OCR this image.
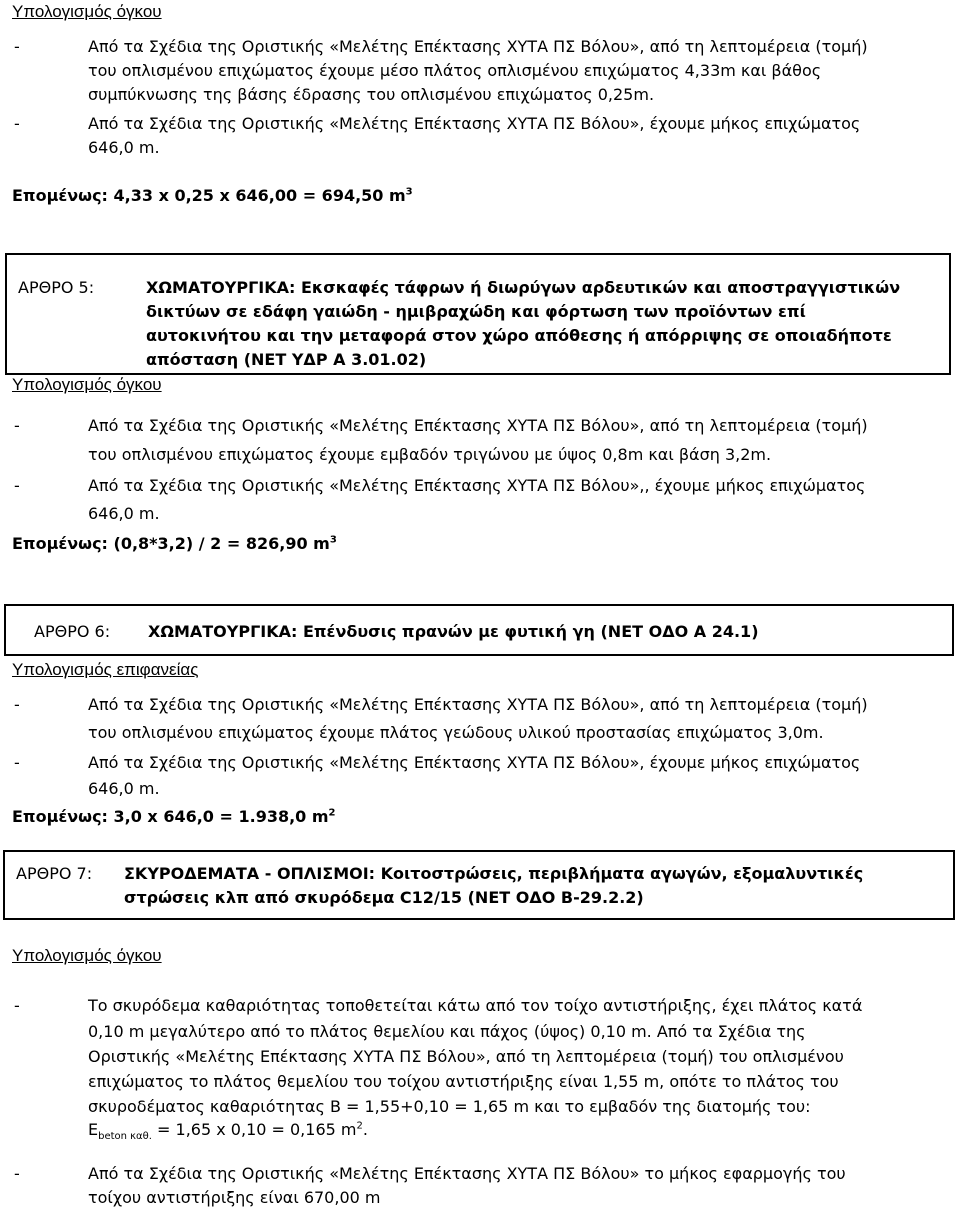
Υπολογισμός όγκου
-	Από τα Σχέδια της Οριστικής «Μελέτης Επέκτασης ΧΥΤΑ ΠΣ Βόλου», από τη λεπτομέρεια (τομή)
του οπλισμένου επιχώματος έχουμε μέσο πλάτος οπλισμένου επιχώματος 4,33m και βάθος
συμπύκνωσης της βάσης έδρασης του οπλισμένου επιχώματος 0,25m.
-	Από τα Σχέδια της Οριστικής «Μελέτης Επέκτασης ΧΥΤΑ ΠΣ Βόλου», έχουμε μήκος επιχώματος
646,0 m.
Επομένως: 4,33 x 0,25 x 646,00 = 694,50 $m^3$
ΑΡΘΡΟ 5:	ΧΩΜΑΤΟΥΡΓΙΚΑ: Εκσκαφές τάφρων ή διωρύγων αρδευτικών και αποστραγγιστικών
δικτύων σε εδάφη γαιώδη - ημιβραχώδη και φόρτωση των προϊόντων επί
αυτοκινήτου και την μεταφορά στον χώρο απόθεσης ή απόρριψης σε οποιαδήποτε
απόσταση (ΝΕΤ ΥΔΡ Α 3.01.02)
Υπολογισμός όγκου
-	Από τα Σχέδια της Οριστικής «Μελέτης Επέκτασης ΧΥΤΑ ΠΣ Βόλου», από τη λεπτομέρεια (τομή)
του οπλισμένου επιχώματος έχουμε εμβαδόν τριγώνου με ύψος 0,8m και βάση 3,2m.
-	Από τα Σχέδια της Οριστικής «Μελέτης Επέκτασης ΧΥΤΑ ΠΣ Βόλου»,, έχουμε μήκος επιχώματος
646,0 m.
Επομένως: (0,8*3,2) / 2 = 826,90 $m^3$
ΑΡΘΡΟ 6: ΧΩΜΑΤΟΥΡΓΙΚΑ: Επένδυσις πρανών με φυτική γη (ΝΕΤ ΟΔΟ Α 24.1)
Υπολογισμός επιφανείας
-	Από τα Σχέδια της Οριστικής «Μελέτης Επέκτασης ΧΥΤΑ ΠΣ Βόλου», από τη λεπτομέρεια (τομή)
του οπλισμένου επιχώματος έχουμε πλάτος γεώδους υλικού προστασίας επιχώματος 3,0m.
-	Από τα Σχέδια της Οριστικής «Μελέτης Επέκτασης ΧΥΤΑ ΠΣ Βόλου», έχουμε μήκος επιχώματος
646,0 m.
Επομένως: 3,0 x 646,0 = 1.938,0 $m^2$
ΑΡΘΡΟ 7: ΣΚΥΡΟΔΕΜΑΤΑ - ΟΠΛΙΣΜΟΙ: Κοιτοστρώσεις, περιβλήματα αγωγών, εξομαλυντικές
στρώσεις κλπ από σκυρόδεμα C12/15 (ΝΕΤ ΟΔΟ Β-29.2.2)
Υπολογισμός όγκου
-	Το σκυρόδεμα καθαριότητας τοποθετείται κάτω από τον τοίχο αντιστήριξης, έχει πλάτος κατά
0,10 m μεγαλύτερο από το πλάτος θεμελίου και πάχος (ύψος) 0,10 m. Από τα Σχέδια της
Οριστικής «Μελέτης Επέκτασης ΧΥΤΑ ΠΣ Βόλου», από τη λεπτομέρεια (τομή) του οπλισμένου
επιχώματος το πλάτος θεμελίου του τοίχου αντιστήριξης είναι 1,55 m, οπότε το πλάτος του
σκυροδέματος καθαριότητας Β = 1,55+0,10 = 1,65 m και το εμβαδόν της διατομής του:
$E_{beton \kappa\alpha\theta.} = 1,65$ x 0,10 = 0,165 $m^2$.
-	Από τα Σχέδια της Οριστικής «Μελέτης Επέκτασης ΧΥΤΑ ΠΣ Βόλου» το μήκος εφαρμογής του
τοίχου αντιστήριξης είναι 670,00 m
